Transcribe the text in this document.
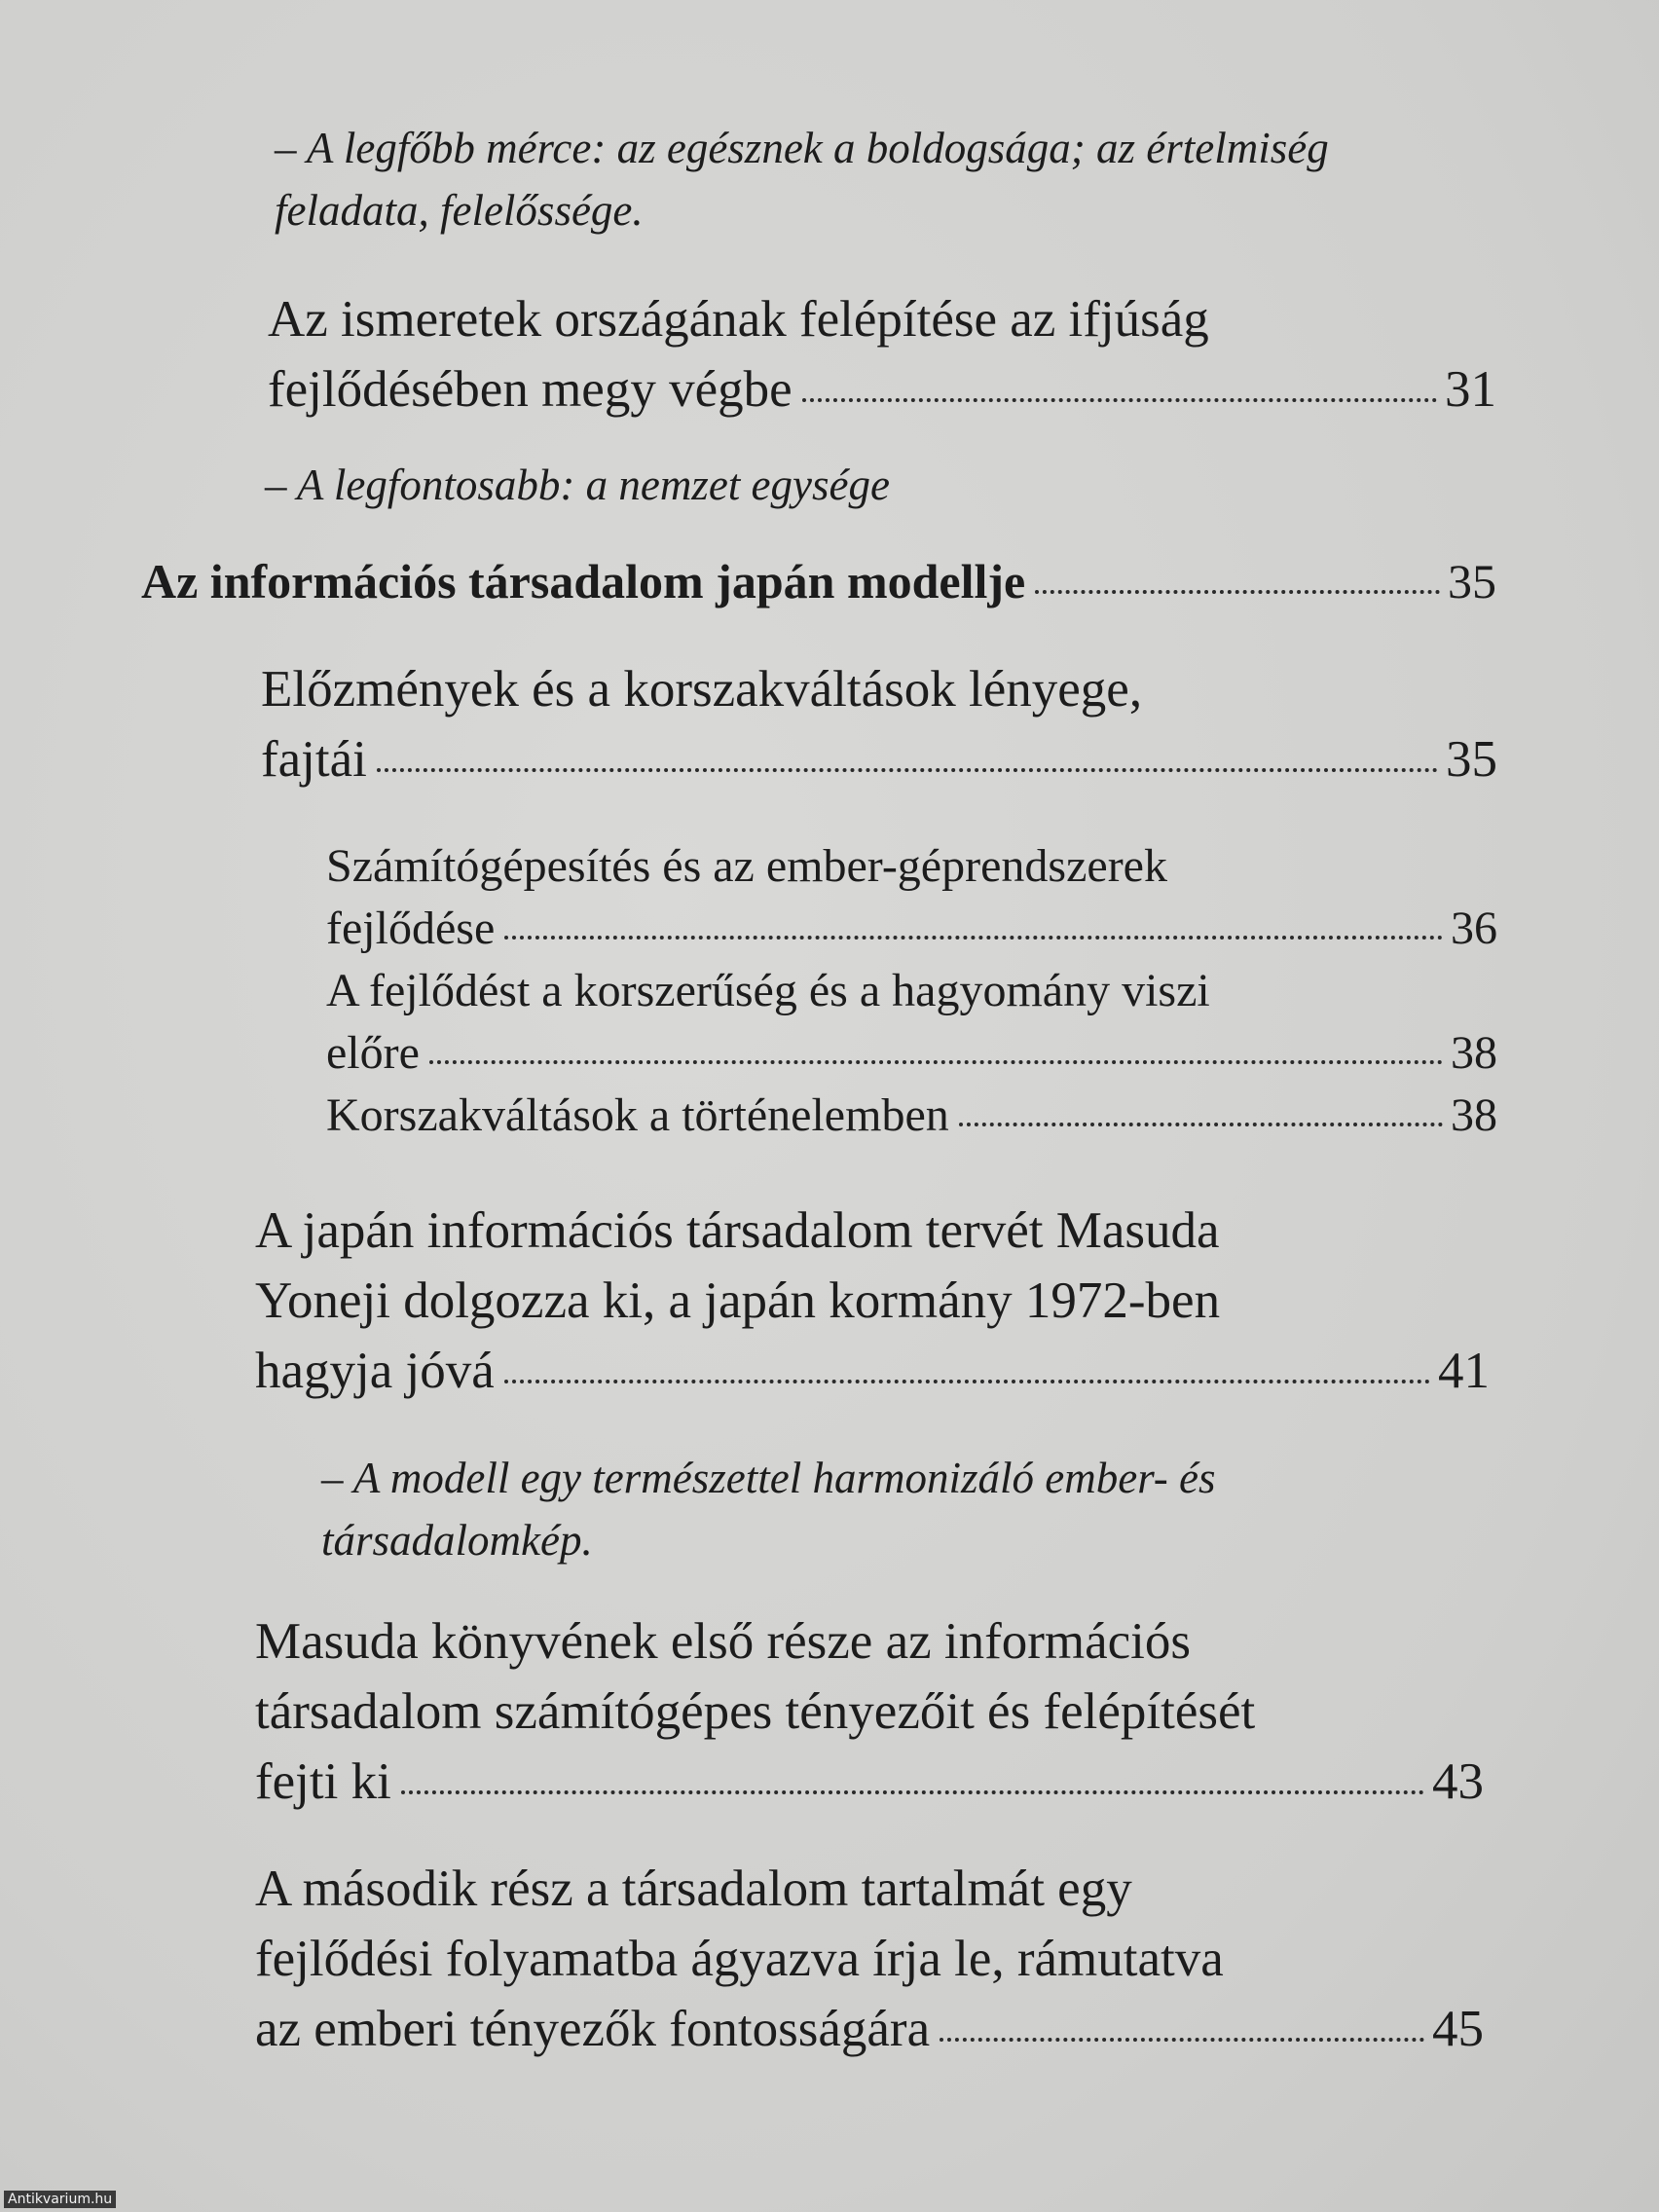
– A legfőbb mérce: az egésznek a boldogsága; az értelmiség
feladata, felelőssége.
Az ismeretek országának felépítése az ifjúság
fejlődésében megy végbe	31
– A legfontosabb: a nemzet egysége
Az információs társadalom japán modellje	35
Előzmények és a korszakváltások lényege,
fajtái	35
Számítógépesítés és az ember-géprendszerek
fejlődése	36
A fejlődést a korszerűség és a hagyomány viszi
előre	38
Korszakváltások a történelemben	38
A japán információs társadalom tervét Masuda
Yoneji dolgozza ki, a japán kormány 1972-ben
hagyja jóvá	41
– A modell egy természettel harmonizáló ember- és
társadalomkép.
Masuda könyvének első része az információs
társadalom számítógépes tényezőit és felépítését
fejti ki	43
A második rész a társadalom tartalmát egy
fejlődési folyamatba ágyazva írja le, rámutatva
az emberi tényezők fontosságára	45
Antikvarium.hu
